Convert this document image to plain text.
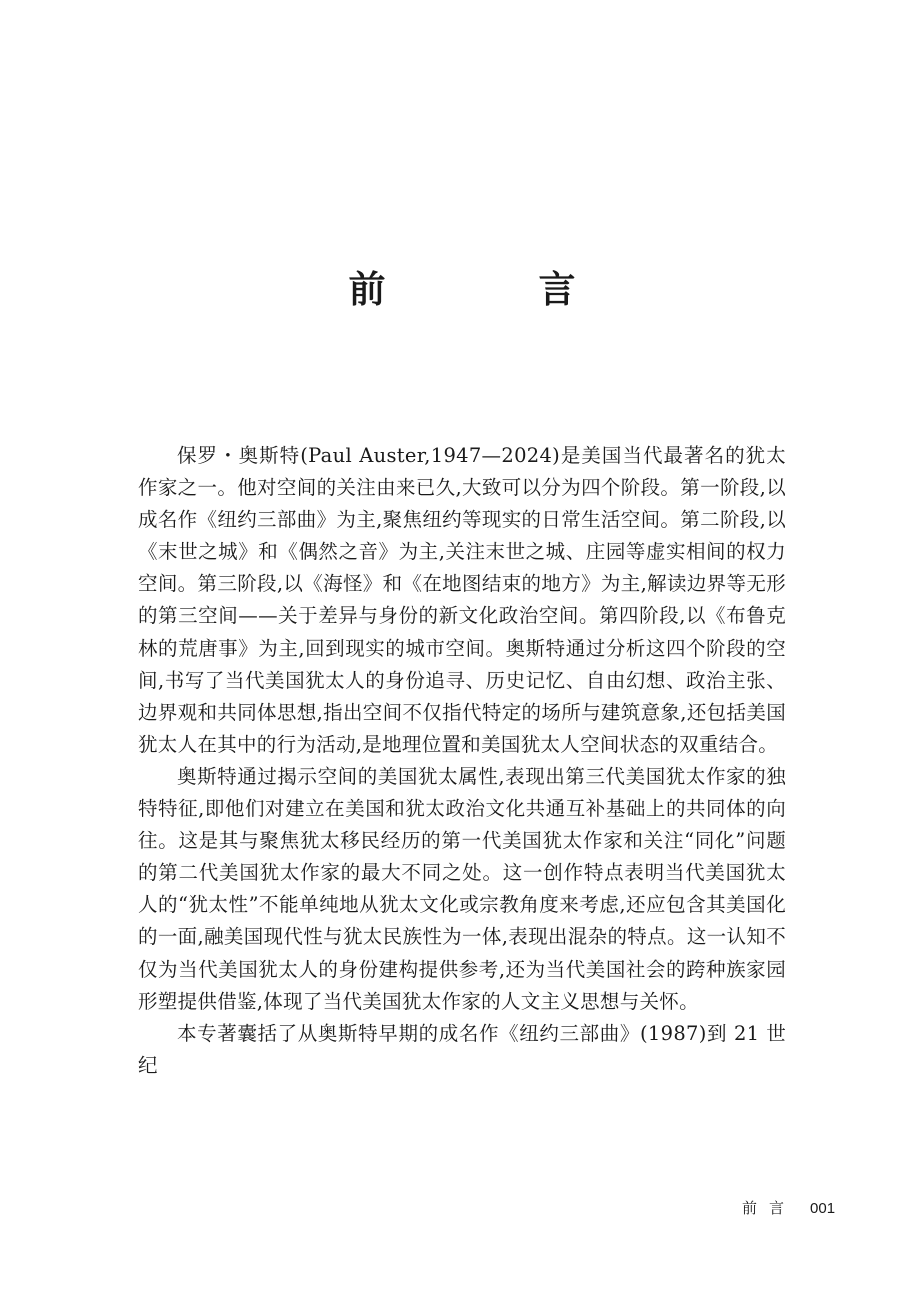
前　言

保罗・奥斯特(Paul Auster,1947—2024)是美国当代最著名的犹太作家之一。他对空间的关注由来已久,大致可以分为四个阶段。第一阶段,以成名作《纽约三部曲》为主,聚焦纽约等现实的日常生活空间。第二阶段,以《末世之城》和《偶然之音》为主,关注末世之城、庄园等虚实相间的权力空间。第三阶段,以《海怪》和《在地图结束的地方》为主,解读边界等无形的第三空间——关于差异与身份的新文化政治空间。第四阶段,以《布鲁克林的荒唐事》为主,回到现实的城市空间。奥斯特通过分析这四个阶段的空间,书写了当代美国犹太人的身份追寻、历史记忆、自由幻想、政治主张、边界观和共同体思想,指出空间不仅指代特定的场所与建筑意象,还包括美国犹太人在其中的行为活动,是地理位置和美国犹太人空间状态的双重结合。

奥斯特通过揭示空间的美国犹太属性,表现出第三代美国犹太作家的独特特征,即他们对建立在美国和犹太政治文化共通互补基础上的共同体的向往。这是其与聚焦犹太移民经历的第一代美国犹太作家和关注“同化”问题的第二代美国犹太作家的最大不同之处。这一创作特点表明当代美国犹太人的“犹太性”不能单纯地从犹太文化或宗教角度来考虑,还应包含其美国化的一面,融美国现代性与犹太民族性为一体,表现出混杂的特点。这一认知不仅为当代美国犹太人的身份建构提供参考,还为当代美国社会的跨种族家园形塑提供借鉴,体现了当代美国犹太作家的人文主义思想与关怀。

本专著囊括了从奥斯特早期的成名作《纽约三部曲》(1987)到 21 世纪

前言 001
